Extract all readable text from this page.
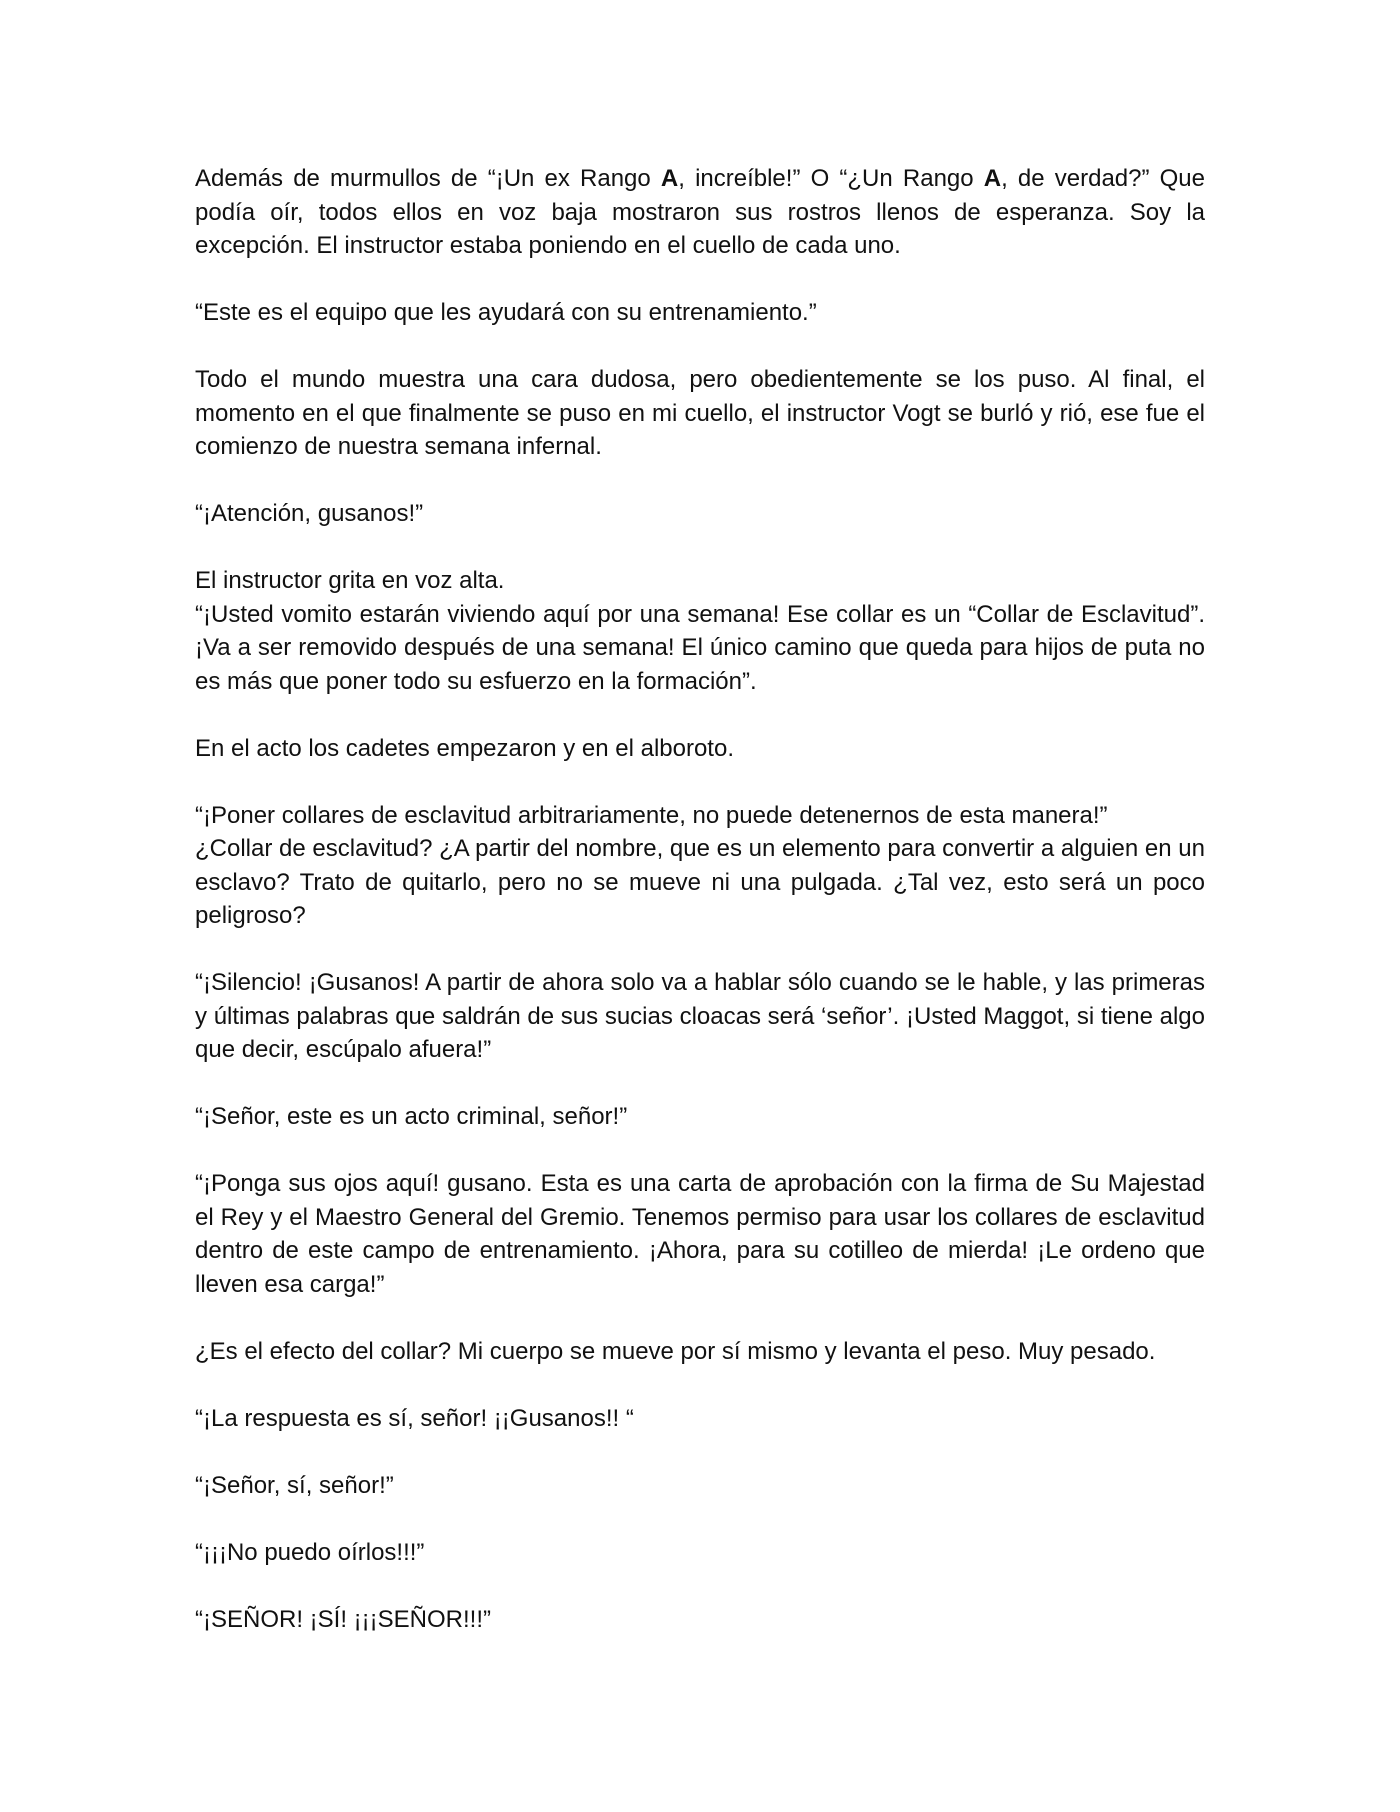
Además de murmullos de “¡Un ex Rango A, increíble!” O “¿Un Rango A, de verdad?” Que podía oír, todos ellos en voz baja mostraron sus rostros llenos de esperanza. Soy la excepción. El instructor estaba poniendo en el cuello de cada uno.

“Este es el equipo que les ayudará con su entrenamiento.”

Todo el mundo muestra una cara dudosa, pero obedientemente se los puso. Al final, el momento en el que finalmente se puso en mi cuello, el instructor Vogt se burló y rió, ese fue el comienzo de nuestra semana infernal.

“¡Atención, gusanos!”

El instructor grita en voz alta.

“¡Usted vomito estarán viviendo aquí por una semana! Ese collar es un “Collar de Esclavitud”. ¡Va a ser removido después de una semana! El único camino que queda para hijos de puta no es más que poner todo su esfuerzo en la formación”.

En el acto los cadetes empezaron y en el alboroto.

“¡Poner collares de esclavitud arbitrariamente, no puede detenernos de esta manera!”

¿Collar de esclavitud? ¿A partir del nombre, que es un elemento para convertir a alguien en un esclavo? Trato de quitarlo, pero no se mueve ni una pulgada. ¿Tal vez, esto será un poco peligroso?

“¡Silencio! ¡Gusanos! A partir de ahora solo va a hablar sólo cuando se le hable, y las primeras y últimas palabras que saldrán de sus sucias cloacas será ‘señor’. ¡Usted Maggot, si tiene algo que decir, escúpalo afuera!”

“¡Señor, este es un acto criminal, señor!”

“¡Ponga sus ojos aquí! gusano. Esta es una carta de aprobación con la firma de Su Majestad el Rey y el Maestro General del Gremio. Tenemos permiso para usar los collares de esclavitud dentro de este campo de entrenamiento. ¡Ahora, para su cotilleo de mierda! ¡Le ordeno que lleven esa carga!”

¿Es el efecto del collar? Mi cuerpo se mueve por sí mismo y levanta el peso. Muy pesado.

“¡La respuesta es sí, señor! ¡¡Gusanos!! “

“¡Señor, sí, señor!”

“¡¡¡No puedo oírlos!!!”

“¡SEÑOR! ¡SÍ! ¡¡¡SEÑOR!!!”
